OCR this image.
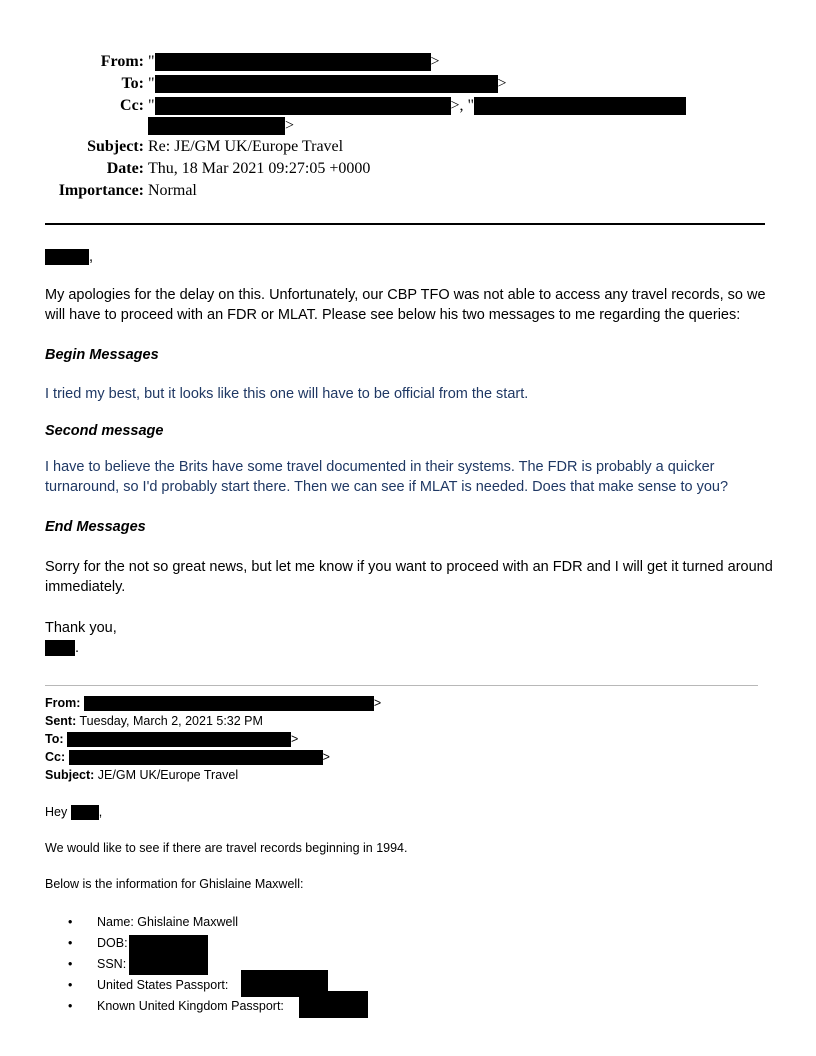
From: "	>
To: "	>
Cc: "	>, "
>
Subject: Re: JE/GM UK/Europe Travel
Date: Thu, 18 Mar 2021 09:27:05 +0000
Importance: Normal
,
My apologies for the delay on this. Unfortunately, our CBP TFO was not able to access any travel records, so we will have to proceed with an FDR or MLAT. Please see below his two messages to me regarding the queries:
Begin Messages
I tried my best, but it looks like this one will have to be official from the start.
Second message
I have to believe the Brits have some travel documented in their systems. The FDR is probably a quicker turnaround, so I'd probably start there. Then we can see if MLAT is needed. Does that make sense to you?
End Messages
Sorry for the not so great news, but let me know if you want to proceed with an FDR and I will get it turned around immediately.
Thank you,
.
From:	>
Sent: Tuesday, March 2, 2021 5:32 PM
To:	>
Cc:	>
Subject: JE/GM UK/Europe Travel
Hey	,
We would like to see if there are travel records beginning in 1994.
Below is the information for Ghislaine Maxwell:
• Name: Ghislaine Maxwell
• DOB:
• SSN:
• United States Passport:
• Known United Kingdom Passport:
